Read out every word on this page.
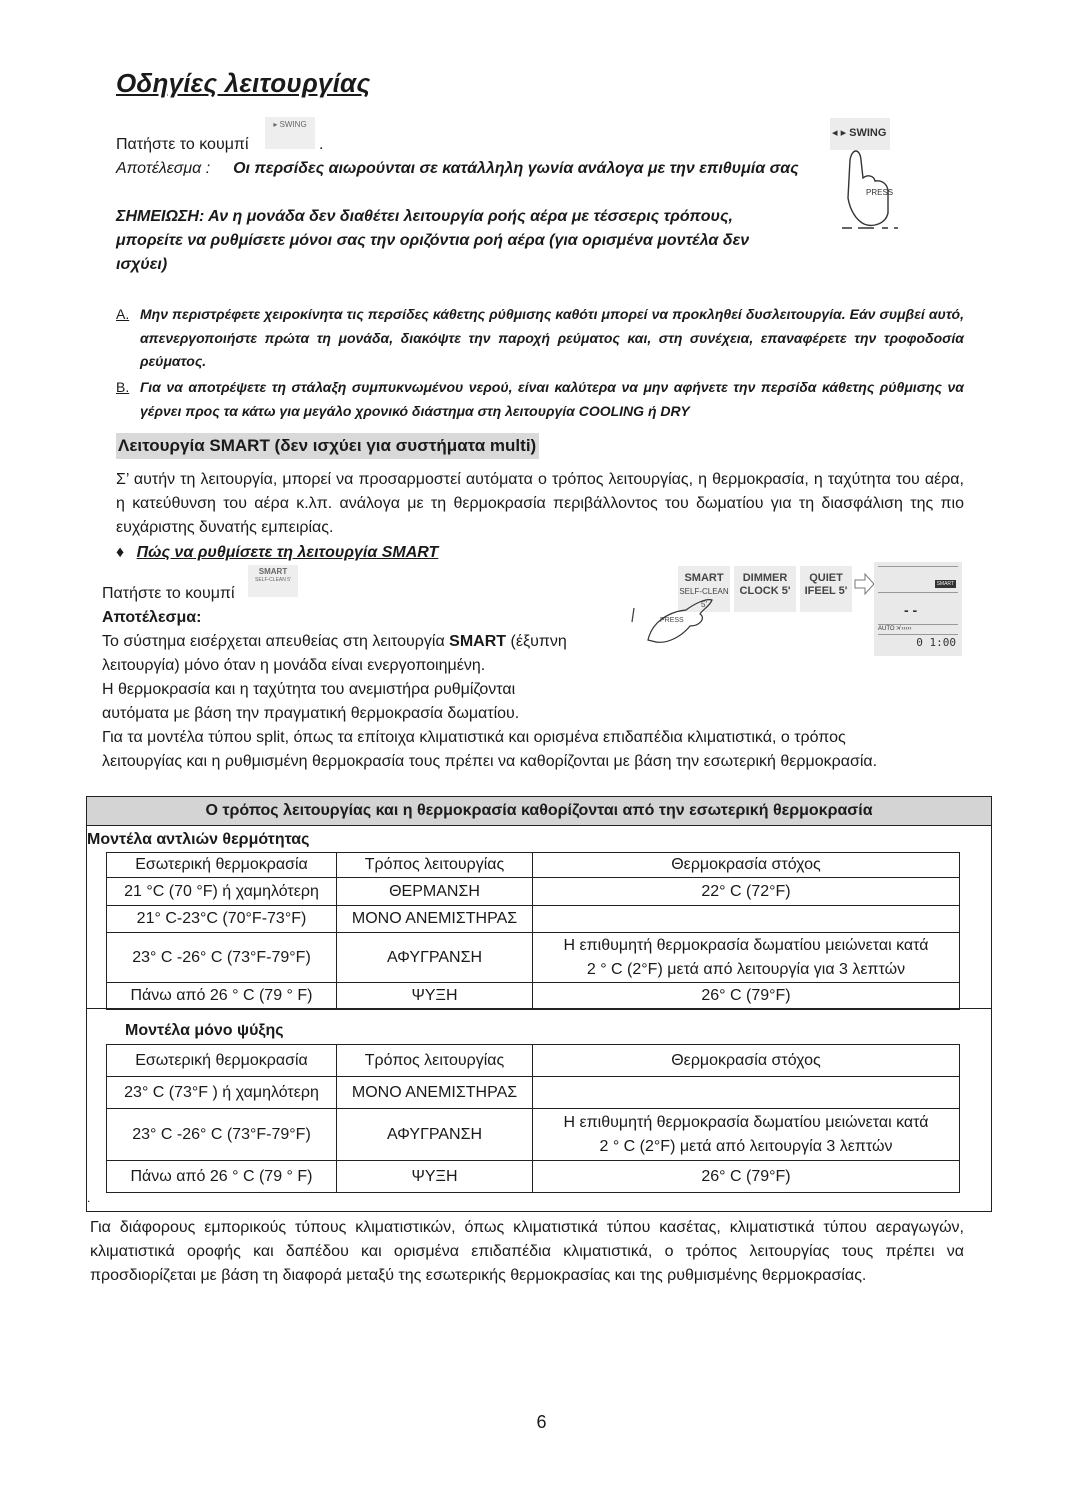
Οδηγίες λειτουργίας
Πατήστε το κουμπί
▸ SWING
.
Αποτέλεσμα : Οι περσίδες αιωρούνται σε κατάλληλη γωνία ανάλογα με την επιθυμία σας
ΣΗΜΕΙΩΣΗ: Αν η μονάδα δεν διαθέτει λειτουργία ροής αέρα με τέσσερις τρόπους,
μπορείτε να ρυθμίσετε μόνοι σας την οριζόντια ροή αέρα (για ορισμένα μοντέλα δεν
ισχύει)
◂ ▸ SWING
PRESS
A. Μην περιστρέφετε χειροκίνητα τις περσίδες κάθετης ρύθμισης καθότι μπορεί να προκληθεί δυσλειτουργία. Εάν συμβεί αυτό, απενεργοποιήστε πρώτα τη μονάδα, διακόψτε την παροχή ρεύματος και, στη συνέχεια, επαναφέρετε την τροφοδοσία ρεύματος.
B. Για να αποτρέψετε τη στάλαξη συμπυκνωμένου νερού, είναι καλύτερα να μην αφήνετε την περσίδα κάθετης ρύθμισης να γέρνει προς τα κάτω για μεγάλο χρονικό διάστημα στη λειτουργία COOLING ή DRY
Λειτουργία SMART (δεν ισχύει για συστήματα multi)
Σ’ αυτήν τη λειτουργία, μπορεί να προσαρμοστεί αυτόματα ο τρόπος λειτουργίας, η θερμοκρασία, η ταχύτητα του αέρα, η κατεύθυνση του αέρα κ.λπ. ανάλογα με τη θερμοκρασία περιβάλλοντος του δωματίου για τη διασφάλιση της πιο ευχάριστης δυνατής εμπειρίας.
♦ Πώς να ρυθμίσετε τη λειτουργία SMART
Πατήστε το κουμπί
SMART
SELF-CLEAN 5'
Αποτέλεσμα:
Το σύστημα εισέρχεται απευθείας στη λειτουργία SMART (έξυπνη
λειτουργία) μόνο όταν η μονάδα είναι ενεργοποιημένη.
Η θερμοκρασία και η ταχύτητα του ανεμιστήρα ρυθμίζονται
αυτόματα με βάση την πραγματική θερμοκρασία δωματίου.
SMART
SELF-CLEAN 5'
DIMMER
CLOCK 5'
QUIET
IFEEL 5'
PRESS
SMART
- -
AUTO ≯ ›››››
0 1:00
Για τα μοντέλα τύπου split, όπως τα επίτοιχα κλιματιστικά και ορισμένα επιδαπέδια κλιματιστικά, ο τρόπος
λειτουργίας και η ρυθμισμένη θερμοκρασία τους πρέπει να καθορίζονται με βάση την εσωτερική θερμοκρασία.
Ο τρόπος λειτουργίας και η θερμοκρασία καθορίζονται από την εσωτερική θερμοκρασία
Μοντέλα αντλιών θερμότητας
Εσωτερική θερμοκρασία	Τρόπος λειτουργίας	Θερμοκρασία στόχος
21 °C (70 °F) ή χαμηλότερη	ΘΕΡΜΑΝΣΗ	22° C (72°F)
21° C-23°C (70°F-73°F)	ΜΟΝΟ ΑΝΕΜΙΣΤΗΡΑΣ	
23° C -26° C (73°F-79°F)	ΑΦΥΓΡΑΝΣΗ	Η επιθυμητή θερμοκρασία δωματίου μειώνεται κατά
2 ° C (2°F) μετά από λειτουργία για 3 λεπτών

Πάνω από 26 ° C (79 ° F)	ΨΥΞΗ	26° C (79°F)
Μοντέλα μόνο ψύξης
Εσωτερική θερμοκρασία	Τρόπος λειτουργίας	Θερμοκρασία στόχος
23° C (73°F ) ή χαμηλότερη	ΜΟΝΟ ΑΝΕΜΙΣΤΗΡΑΣ	
23° C -26° C (73°F-79°F)	ΑΦΥΓΡΑΝΣΗ	Η επιθυμητή θερμοκρασία δωματίου μειώνεται κατά
2 ° C (2°F) μετά από λειτουργία 3 λεπτών

Πάνω από 26 ° C (79 ° F)	ΨΥΞΗ	26° C (79°F)
.
Για διάφορους εμπορικούς τύπους κλιματιστικών, όπως κλιματιστικά τύπου κασέτας, κλιματιστικά τύπου αεραγωγών, κλιματιστικά οροφής και δαπέδου και ορισμένα επιδαπέδια κλιματιστικά, ο τρόπος λειτουργίας τους πρέπει να προσδιορίζεται με βάση τη διαφορά μεταξύ της εσωτερικής θερμοκρασίας και της ρυθμισμένης θερμοκρασίας.
6
